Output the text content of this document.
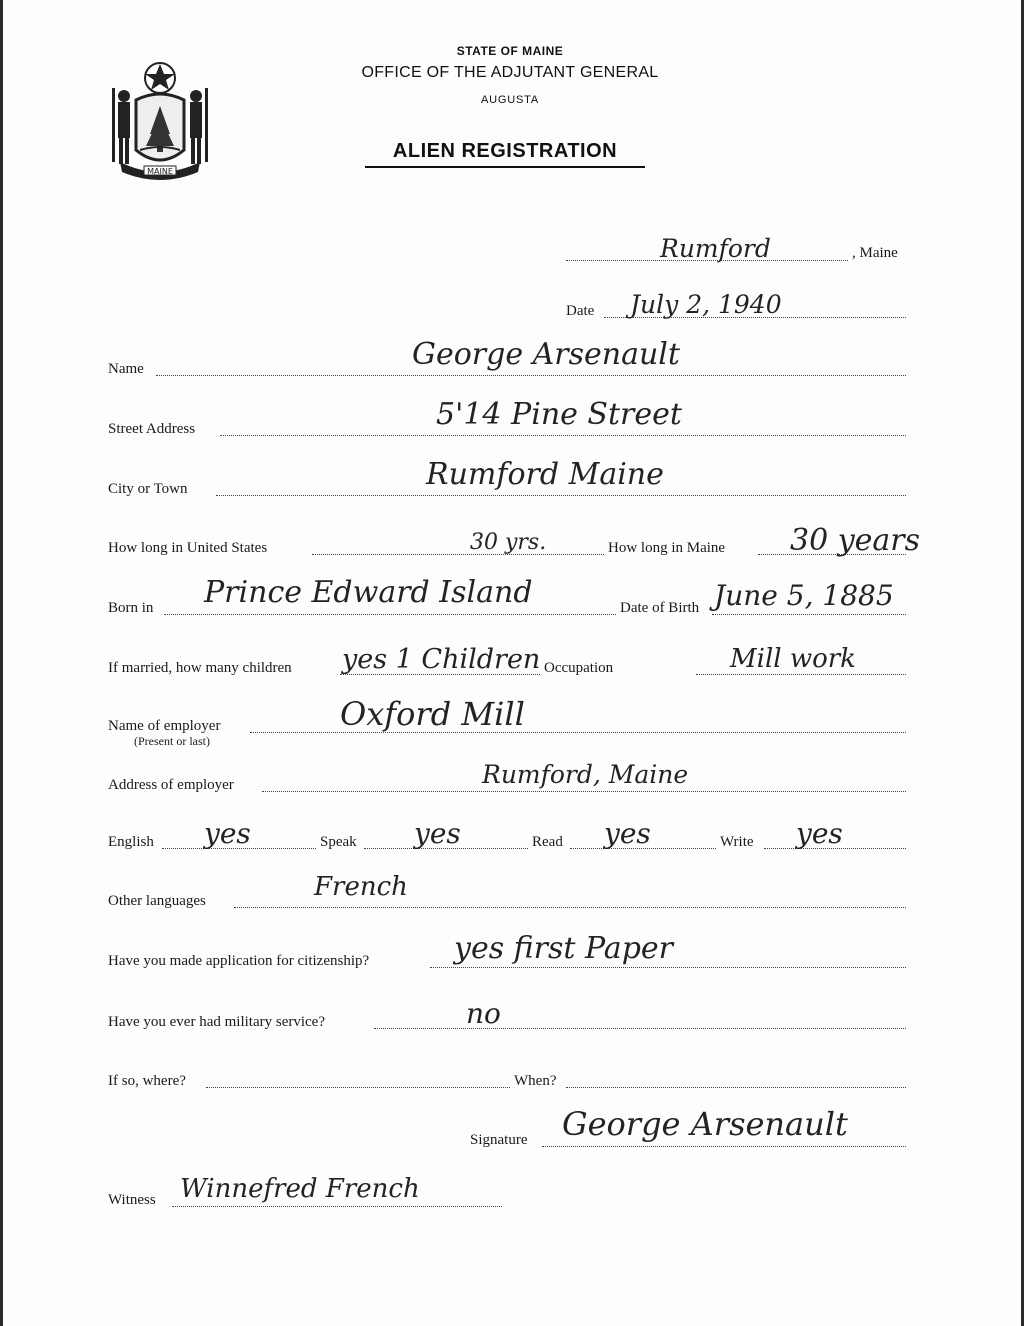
MAINE
STATE OF MAINE
OFFICE OF THE ADJUTANT GENERAL
AUGUSTA
ALIEN REGISTRATION
Rumford	, Maine
Date July 2, 1940
Name	George Arsenault
Street Address	5'14 Pine Street
City or Town	Rumford Maine
How long in United States	30 yrs.	How long in Maine 30 years
Born in Prince Edward Island	Date of Birth June 5, 1885
If married, how many children yes 1 Children Occupation	Mill work
Name of employer
(Present or last)
Oxford Mill
Address of employer	Rumford, Maine
English yes	Speak yes	Read yes	Write yes
Other languages	French
Have you made application for citizenship?	yes first Paper
Have you ever had military service?	no
If so, where?	When?
Signature George Arsenault
Witness Winnefred French
